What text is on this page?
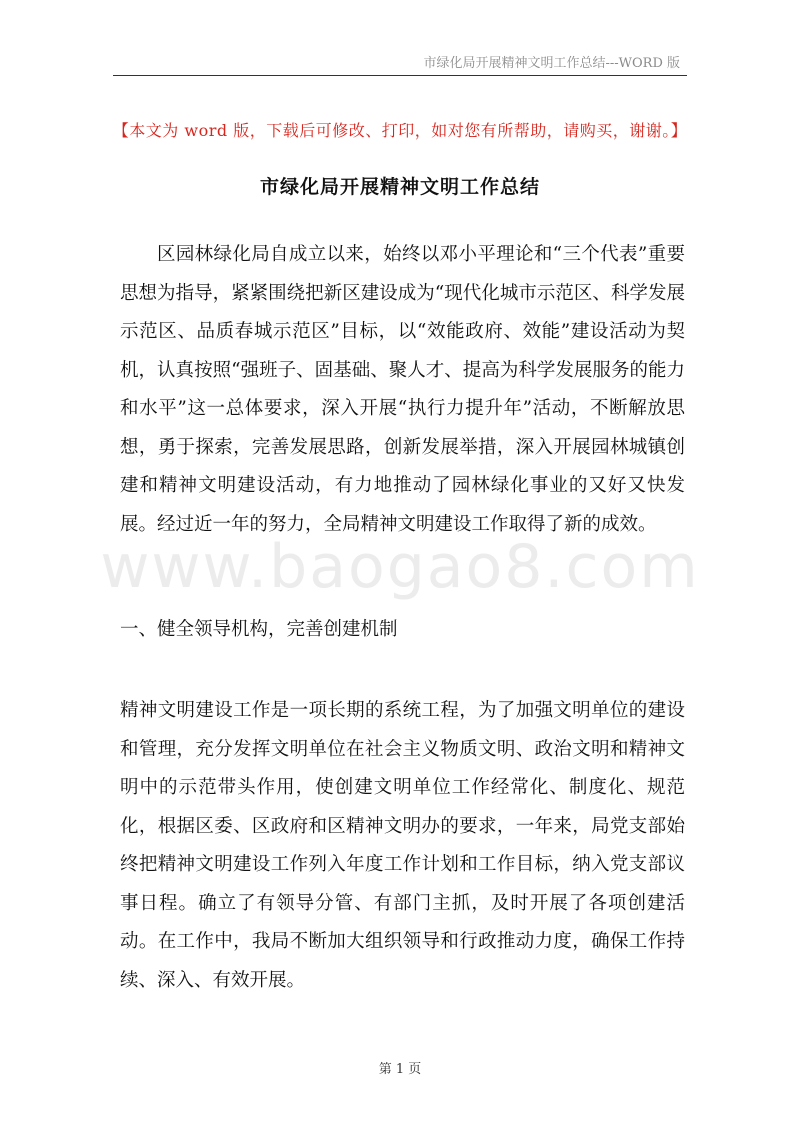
市绿化局开展精神文明工作总结---WORD 版
www.baogao8.com
【本文为 word 版，下载后可修改、打印，如对您有所帮助，请购买，谢谢。】
市绿化局开展精神文明工作总结

区园林绿化局自成立以来，始终以邓小平理论和“三个代表”重要思想为指导，紧紧围绕把新区建设成为“现代化城市示范区、科学发展示范区、品质春城示范区”目标，以“效能政府、效能”建设活动为契机，认真按照“强班子、固基础、聚人才、提高为科学发展服务的能力和水平”这一总体要求，深入开展“执行力提升年”活动，不断解放思想，勇于探索，完善发展思路，创新发展举措，深入开展园林城镇创建和精神文明建设活动，有力地推动了园林绿化事业的又好又快发展。经过近一年的努力，全局精神文明建设工作取得了新的成效。

一、健全领导机构，完善创建机制

精神文明建设工作是一项长期的系统工程，为了加强文明单位的建设和管理，充分发挥文明单位在社会主义物质文明、政治文明和精神文明中的示范带头作用，使创建文明单位工作经常化、制度化、规范化，根据区委、区政府和区精神文明办的要求，一年来，局党支部始终把精神文明建设工作列入年度工作计划和工作目标，纳入党支部议事日程。确立了有领导分管、有部门主抓，及时开展了各项创建活动。在工作中，我局不断加大组织领导和行政推动力度，确保工作持续、深入、有效开展。

第 1 页
